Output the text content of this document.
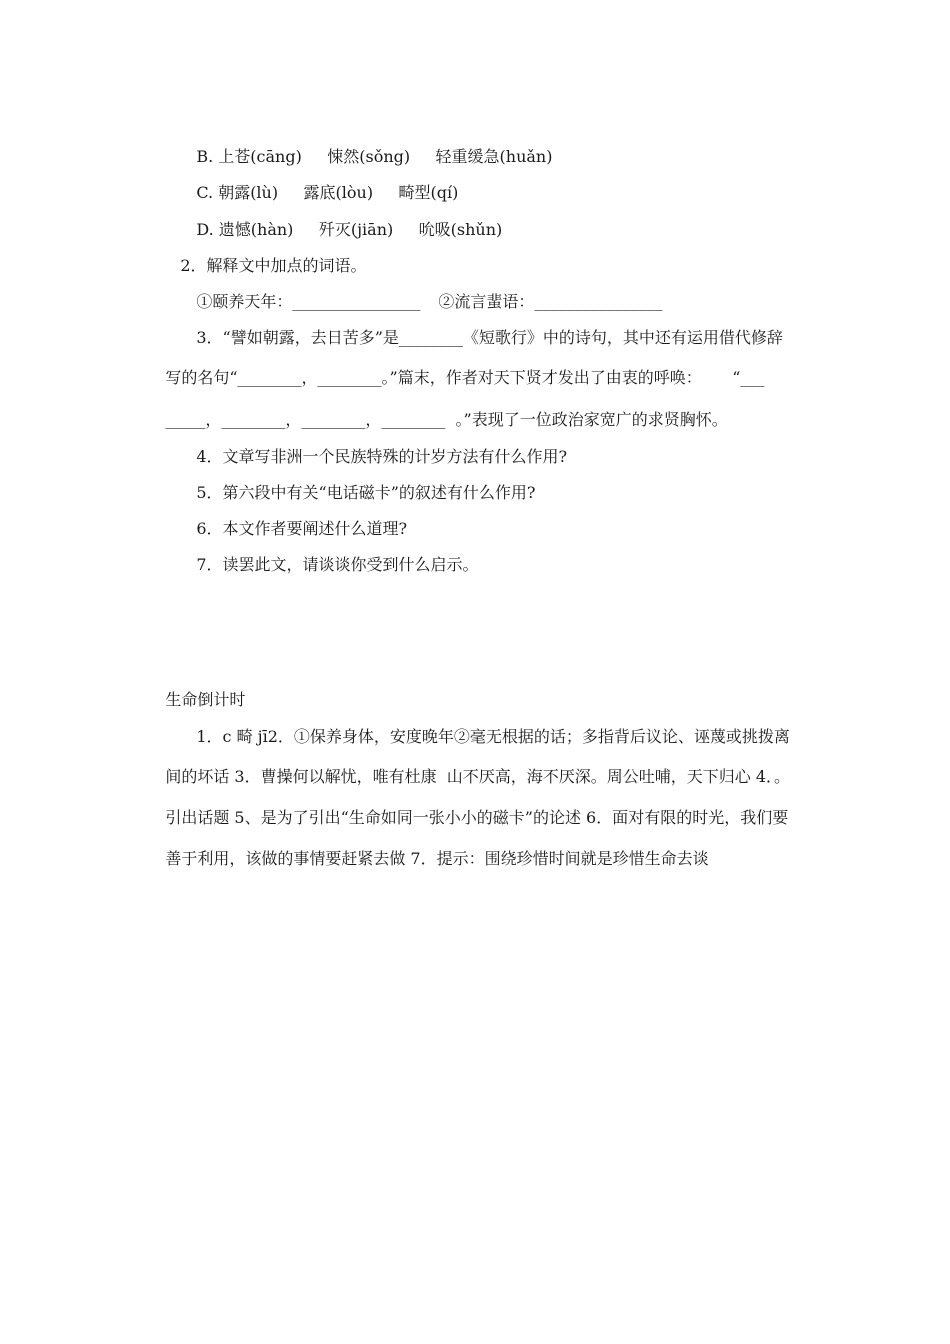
B. 上苍(cāng)     悚然(sǒng)     轻重缓急(huǎn)

C. 朝露(lù)     露底(lòu)     畸型(qí)

D. 遗憾(hàn)     歼灭(jiān)     吮吸(shǔn)

2．解释文中加点的词语。

①颐养天年：________________ ②流言蜚语：________________

3．“譬如朝露，去日苦多”是________《短歌行》中的诗句，其中还有运用借代修辞

写的名句“________，________。”篇末，作者对天下贤才发出了由衷的呼唤：      “___

_____，________，________，________  。”表现了一位政治家宽广的求贤胸怀。

4．文章写非洲一个民族特殊的计岁方法有什么作用?

5．第六段中有关“电话磁卡”的叙述有什么作用?

6．本文作者要阐述什么道理?

7．读罢此文，请谈谈你受到什么启示。

生命倒计时

1．c 畸 jī2．①保养身体，安度晚年②毫无根据的话；多指背后议论、诬蔑或挑拨离

间的坏话 3．曹操何以解忧，唯有杜康  山不厌高，海不厌深。周公吐哺，天下归心 4．。

引出话题 5、是为了引出“生命如同一张小小的磁卡”的论述 6．面对有限的时光，我们要

善于利用，该做的事情要赶紧去做 7．提示：围绕珍惜时间就是珍惜生命去谈
